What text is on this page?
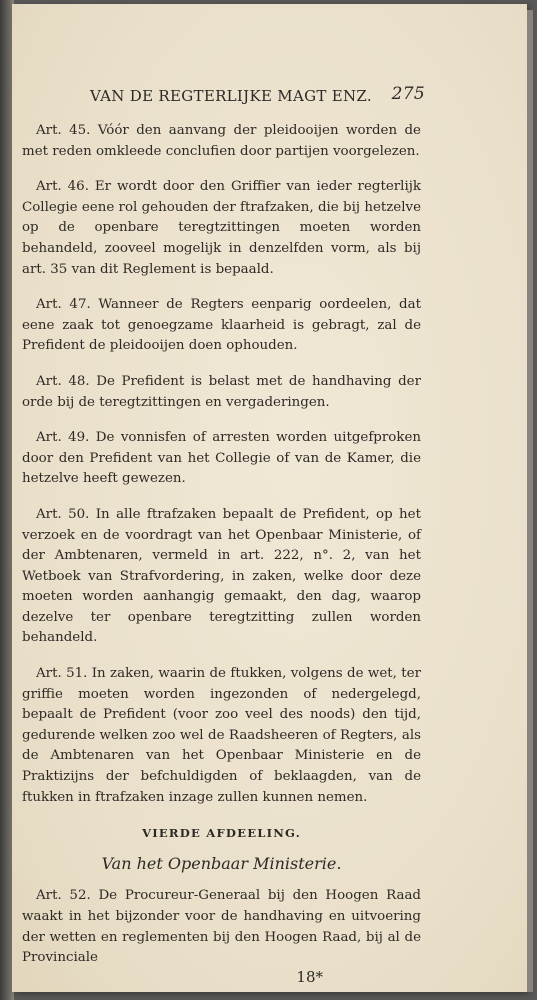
VAN DE REGTERLIJKE MAGT ENZ. 275

Art. 45. Vóór den aanvang der pleidooijen worden de met reden omkleede conclufien door partijen voorgelezen.

Art. 46. Er wordt door den Griffier van ieder regterlijk Collegie eene rol gehouden der ftrafzaken, die bij hetzelve op de openbare teregtzittingen moeten worden behandeld, zooveel mogelijk in denzelfden vorm, als bij art. 35 van dit Reglement is bepaald.

Art. 47. Wanneer de Regters eenparig oordeelen, dat eene zaak tot genoegzame klaarheid is gebragt, zal de Prefident de pleidooijen doen ophouden.

Art. 48. De Prefident is belast met de handhaving der orde bij de teregtzittingen en vergaderingen.

Art. 49. De vonnisfen of arresten worden uitgefproken door den Prefident van het Collegie of van de Kamer, die hetzelve heeft gewezen.

Art. 50. In alle ftrafzaken bepaalt de Prefident, op het verzoek en de voordragt van het Openbaar Ministerie, of der Ambtenaren, vermeld in art. 222, n°. 2, van het Wetboek van Strafvordering, in zaken, welke door deze moeten worden aanhangig gemaakt, den dag, waarop dezelve ter openbare teregtzitting zullen worden behandeld.

Art. 51. In zaken, waarin de ftukken, volgens de wet, ter griffie moeten worden ingezonden of nedergelegd, bepaalt de Prefident (voor zoo veel des noods) den tijd, gedurende welken zoo wel de Raadsheeren of Regters, als de Ambtenaren van het Openbaar Ministerie en de Praktizijns der befchuldigden of beklaagden, van de ftukken in ftrafzaken inzage zullen kunnen nemen.

VIERDE AFDEELING.
Van het Openbaar Ministerie.

Art. 52. De Procureur-Generaal bij den Hoogen Raad waakt in het bijzonder voor de handhaving en uitvoering der wetten en reglementen bij den Hoogen Raad, bij al de Provinciale

18*
